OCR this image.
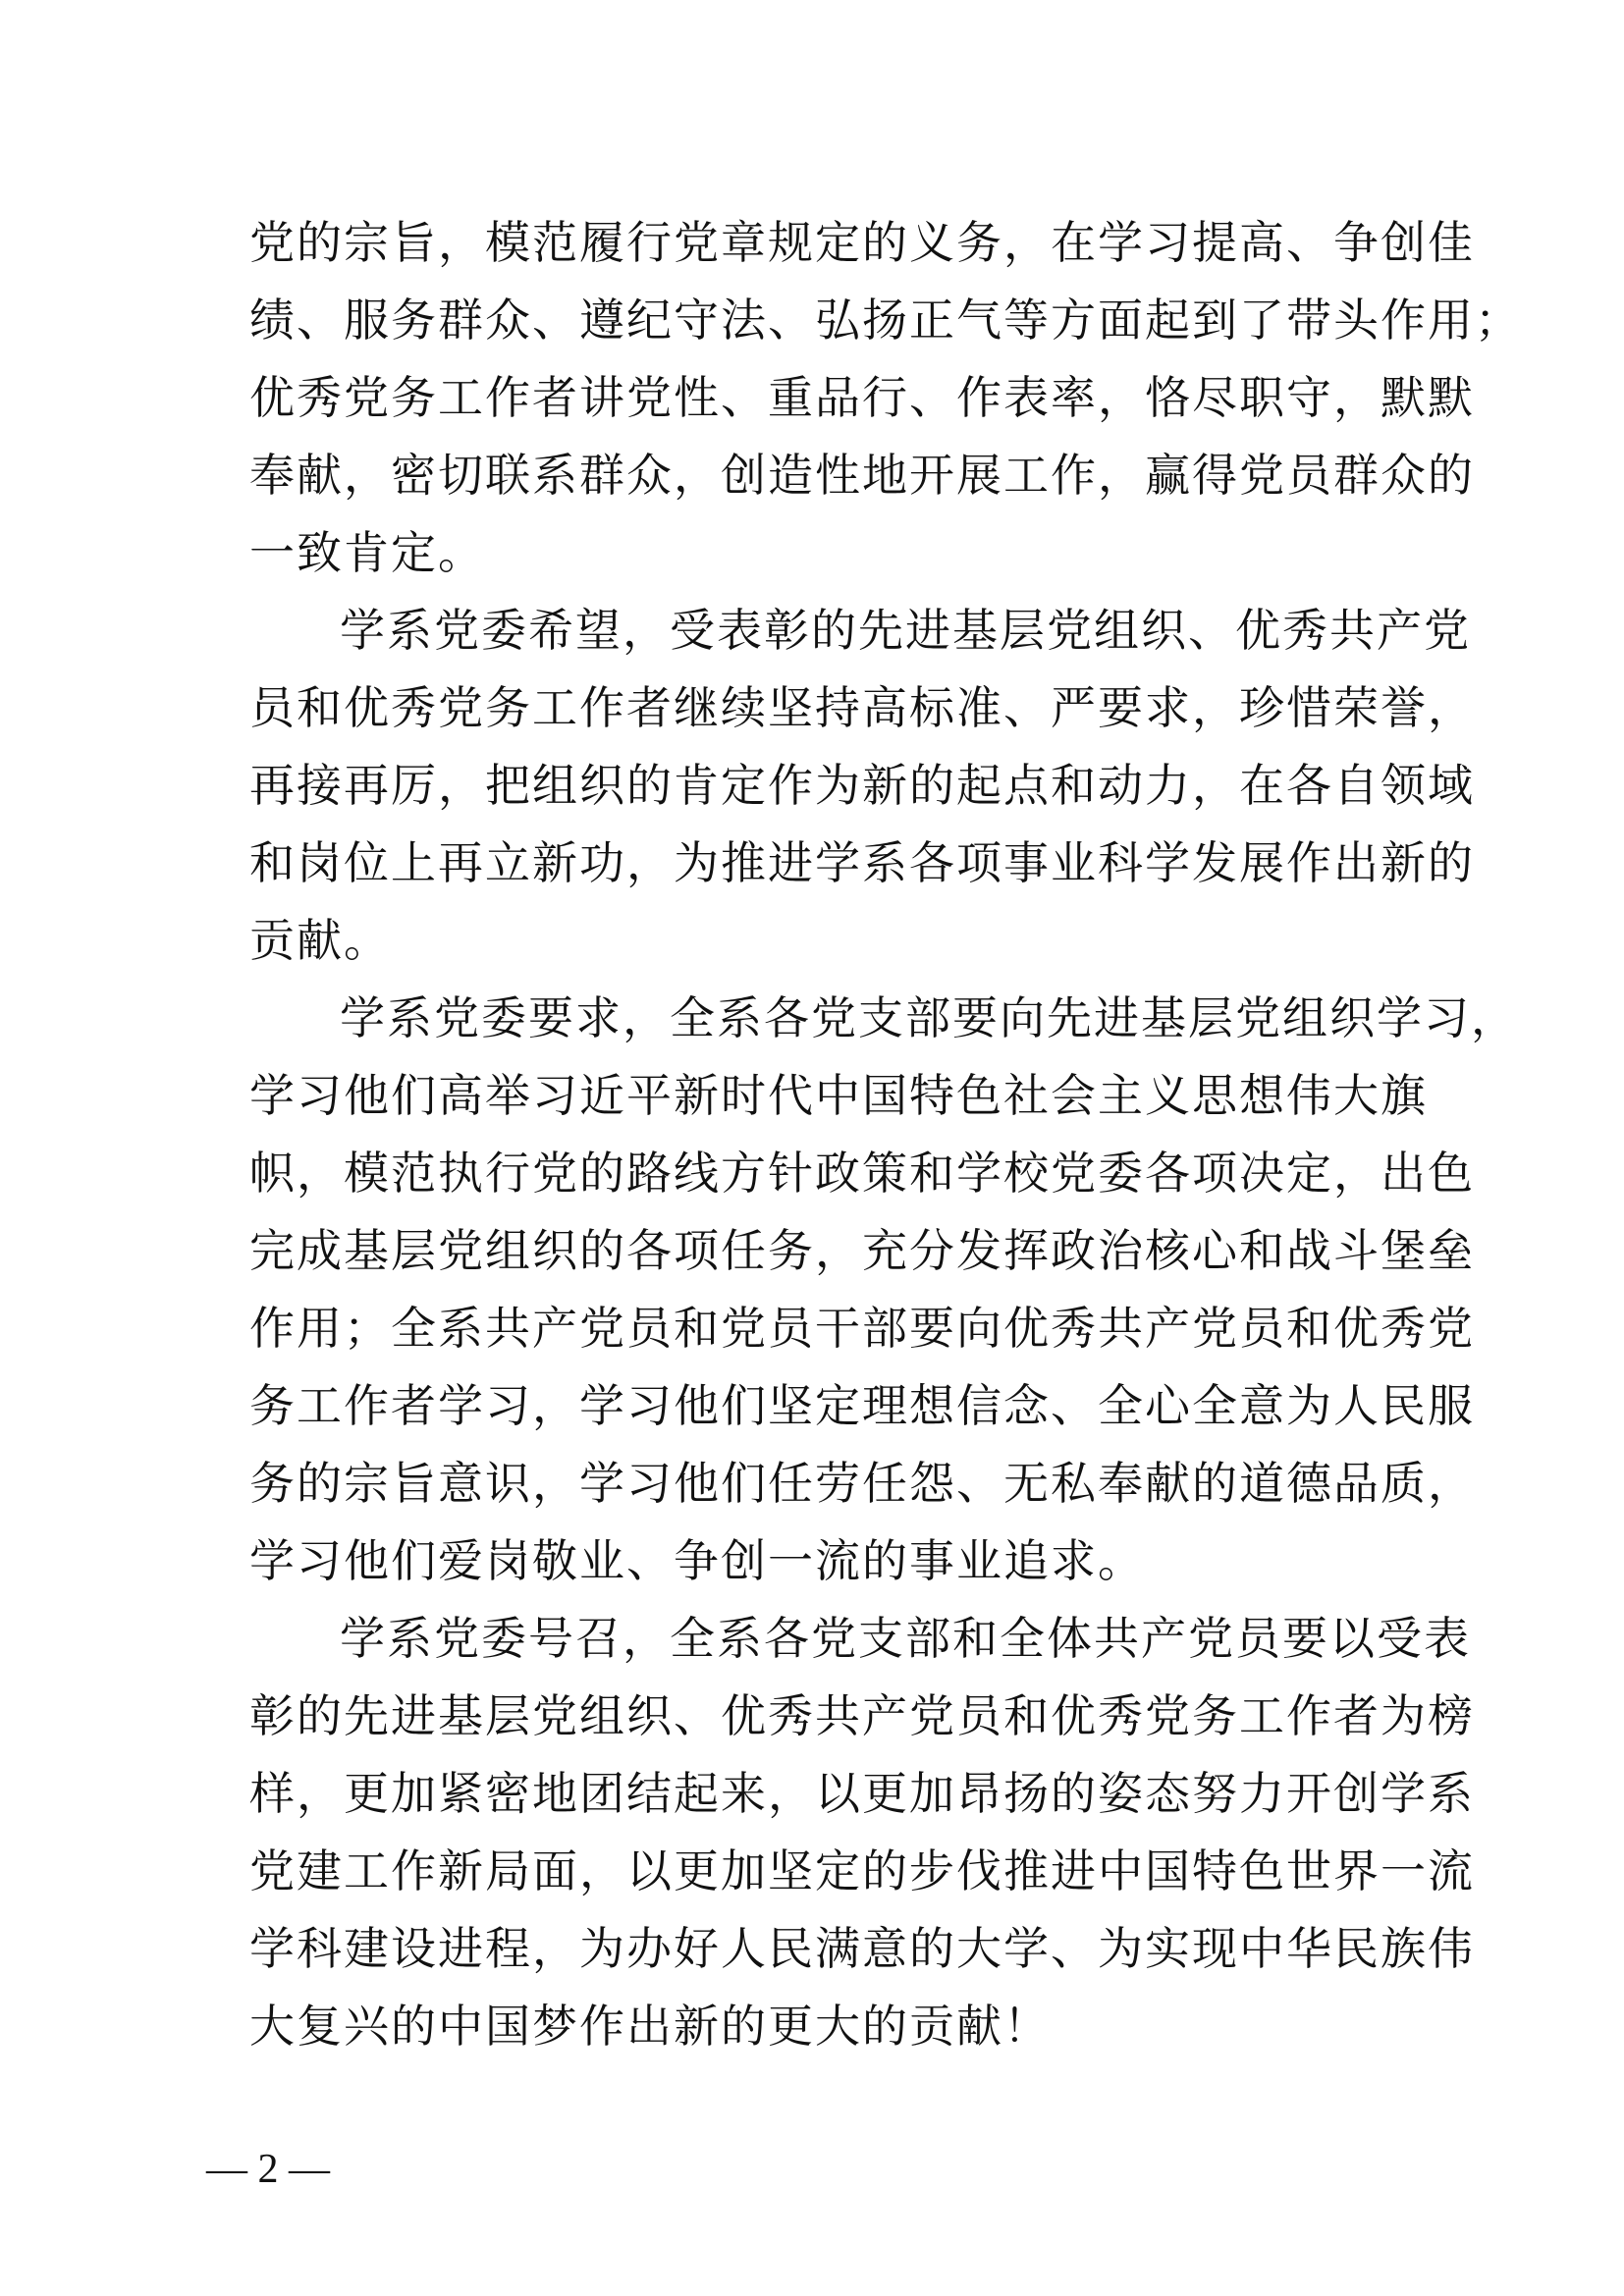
党的宗旨，模范履行党章规定的义务，在学习提高、争创佳
绩、服务群众、遵纪守法、弘扬正气等方面起到了带头作用；
优秀党务工作者讲党性、重品行、作表率，恪尽职守，默默
奉献，密切联系群众，创造性地开展工作，赢得党员群众的
一致肯定。
学系党委希望，受表彰的先进基层党组织、优秀共产党
员和优秀党务工作者继续坚持高标准、严要求，珍惜荣誉，
再接再厉，把组织的肯定作为新的起点和动力，在各自领域
和岗位上再立新功，为推进学系各项事业科学发展作出新的
贡献。
学系党委要求，全系各党支部要向先进基层党组织学习，
学习他们高举习近平新时代中国特色社会主义思想伟大旗
帜，模范执行党的路线方针政策和学校党委各项决定，出色
完成基层党组织的各项任务，充分发挥政治核心和战斗堡垒
作用；全系共产党员和党员干部要向优秀共产党员和优秀党
务工作者学习，学习他们坚定理想信念、全心全意为人民服
务的宗旨意识，学习他们任劳任怨、无私奉献的道德品质，
学习他们爱岗敬业、争创一流的事业追求。
学系党委号召，全系各党支部和全体共产党员要以受表
彰的先进基层党组织、优秀共产党员和优秀党务工作者为榜
样，更加紧密地团结起来，以更加昂扬的姿态努力开创学系
党建工作新局面，以更加坚定的步伐推进中国特色世界一流
学科建设进程，为办好人民满意的大学、为实现中华民族伟
大复兴的中国梦作出新的更大的贡献！
— 2 —
